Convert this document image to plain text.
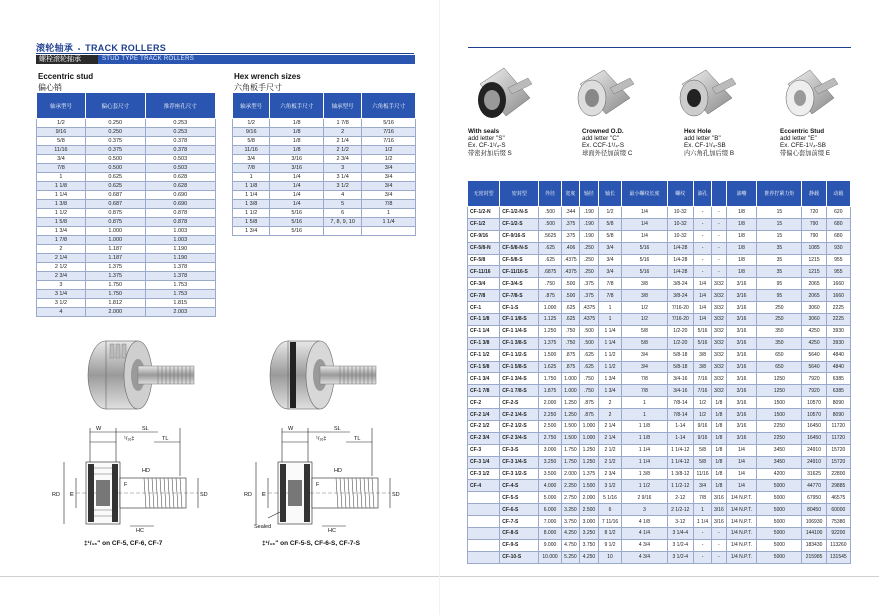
滚轮轴承  •  TRACK ROLLERS
螺栓滚轮轴承	STUD TYPE TRACK ROLLERS
Eccentric stud
偏心销
轴承型号	偏心套尺寸	推荐座孔尺寸
1/2	0.250	0.253
9/16	0.250	0.253
5/8	0.375	0.378
11/16	0.375	0.378
3/4	0.500	0.503
7/8	0.500	0.503
1	0.625	0.628
1 1/8	0.625	0.628
1 1/4	0.687	0.690
1 3/8	0.687	0.690
1 1/2	0.875	0.878
1 5/8	0.875	0.878
1 3/4	1.000	1.003
1 7/8	1.000	1.003
2	1.187	1.190
2 1/4	1.187	1.190
2 1/2	1.375	1.378
2 3/4	1.375	1.378
3	1.750	1.753
3 1/4	1.750	1.753
3 1/2	1.812	1.815
4	2.000	2.003
Hex wrench sizes
六角板手尺寸
轴承型号	六角板手尺寸	轴承型号	六角板手尺寸
1/2	1/8	1 7/8	5/16
9/16	1/8	2	7/16
5/8	1/8	2 1/4	7/16
11/16	1/8	2 1/2	1/2
3/4	3/16	2 3/4	1/2
7/8	3/16	3	3/4
1	1/4	3 1/4	3/4
1 1/8	1/4	3 1/2	3/4
1 1/4	1/4	4	3/4
1 3/8	1/4	5	7/8
1 1/2	5/16	6	1
1 5/8	5/16	7, 8, 9, 10	1 1/4
1 3/4	5/16		
W	SL
¹/₁₆‡	TL
HD
RD E
F
SD
HC
W	SL
¹/₁₆‡	TL
HD
RD E
F
SD
HC
Sealed
‡¹/₁₆" on CF-5, CF-6, CF-7	‡¹/₁₆" on CF-5-S, CF-6-S, CF-7-S
With seals
add letter "S"
Ex. CF-1¹/₄-S
带密封加后缀 S
Crowned O.D.
add letter "C"
Ex. CCF-1¹/₄-S
球面外径加前缀 C
Hex Hole
add letter "B"
Ex. CF-1¹/₄-SB
内六角孔加后缀 B
Eccentric Stud
add letter "E"
Ex. CFE-1¹/₄-SB
带偏心套加前缀 E
无密封型	密封型	外径	宽度	轴径	轴长	最小螺纹长度	螺纹	油孔		油嘴	推荐拧紧力矩	静载	动载
CF-1/2-N	CF-1/2-N-S	.500	.344	.190	1/2	1/4	10-32	-	-	1/8	15	720	620
CF-1/2	CF-1/2-S	.500	.375	.190	5/8	1/4	10-32	-	-	1/8	15	790	680
CF-9/16	CF-9/16-S	.5625	.375	.190	5/8	1/4	10-32	-	-	1/8	15	790	680
CF-5/8-N	CF-5/8-N-S	.625	.406	.250	3/4	5/16	1/4-28	-	-	1/8	35	1085	930
CF-5/8	CF-5/8-S	.625	.4375	.250	3/4	5/16	1/4-28	-	-	1/8	35	1215	955
CF-11/16	CF-11/16-S	.6875	.4375	.250	3/4	5/16	1/4-28	-	-	1/8	35	1215	955
CF-3/4	CF-3/4-S	.750	.500	.375	7/8	3/8	3/8-24	1/4	3/32	3/16	95	2065	1660
CF-7/8	CF-7/8-S	.875	.500	.375	7/8	3/8	3/8-24	1/4	3/32	3/16	95	2065	1660
CF-1	CF-1-S	1.000	.625	.4375	1	1/2	7/16-20	1/4	3/32	3/16	250	3060	2225
CF-1 1/8	CF-1 1/8-S	1.125	.625	.4375	1	1/2	7/16-20	1/4	3/32	3/16	250	3060	2225
CF-1 1/4	CF-1 1/4-S	1.250	.750	.500	1 1/4	5/8	1/2-20	5/16	3/32	3/16	350	4250	3930
CF-1 3/8	CF-1 3/8-S	1.375	.750	.500	1 1/4	5/8	1/2-20	5/16	3/32	3/16	350	4250	3930
CF-1 1/2	CF-1 1/2-S	1.500	.875	.625	1 1/2	3/4	5/8-18	3/8	3/32	3/16	650	5640	4840
CF-1 5/8	CF-1 5/8-S	1.625	.875	.625	1 1/2	3/4	5/8-18	3/8	3/32	3/16	650	5640	4840
CF-1 3/4	CF-1 3/4-S	1.750	1.000	.750	1 3/4	7/8	3/4-16	7/16	3/32	3/16	1250	7920	6385
CF-1 7/8	CF-1 7/8-S	1.875	1.000	.750	1 3/4	7/8	3/4-16	7/16	3/32	3/16	1250	7920	6385
CF-2	CF-2-S	2.000	1.250	.875	2	1	7/8-14	1/2	1/8	3/16	1500	10570	8090
CF-2 1/4	CF-2 1/4-S	2.250	1.250	.875	2	1	7/8-14	1/2	1/8	3/16	1500	10570	8090
CF-2 1/2	CF-2 1/2-S	2.500	1.500	1.000	2 1/4	1 1/8	1-14	9/16	1/8	3/16	2250	16450	11720
CF-2 3/4	CF-2 3/4-S	2.750	1.500	1.000	2 1/4	1 1/8	1-14	9/16	1/8	3/16	2250	16450	11720
CF-3	CF-3-S	3.000	1.750	1.250	2 1/2	1 1/4	1 1/4-12	5/8	1/8	1/4	3450	24910	15720
CF-3 1/4	CF-3 1/4-S	3.250	1.750	1.250	2 1/2	1 1/4	1 1/4-12	5/8	1/8	1/4	3450	24910	15720
CF-3 1/2	CF-3 1/2-S	3.500	2.000	1.375	2 3/4	1 3/8	1 3/8-12	11/16	1/8	1/4	4200	31625	22800
CF-4	CF-4-S	4.000	2.250	1.500	3 1/2	1 1/2	1 1/2-12	3/4	1/8	1/4	5000	44770	29885
	CF-5-S	5.000	2.750	2.000	5 1/16	2 9/16	2-12	7/8	3/16	1/4 N.P.T.	5000	67950	46575
	CF-6-S	6.000	3.250	2.500	6	3	2 1/2-12	1	3/16	1/4 N.P.T.	5000	80450	60000
	CF-7-S	7.000	3.750	3.000	7 11/16	4 1/8	3-12	1 1/4	3/16	1/4 N.P.T.	5000	106930	75380
	CF-8-S	8.000	4.250	3.250	8 1/2	4 1/4	3 1/4-4	-	-	1/4 N.P.T.	5000	144100	92200
	CF-9-S	9.000	4.750	3.750	9 1/2	4 3/4	3 1/2-4	-	-	1/4 N.P.T.	5000	183430	113260
	CF-10-S	10.000	5.250	4.250	10	4 3/4	3 1/2-4	-	-	1/4 N.P.T.	5000	215985	131545
